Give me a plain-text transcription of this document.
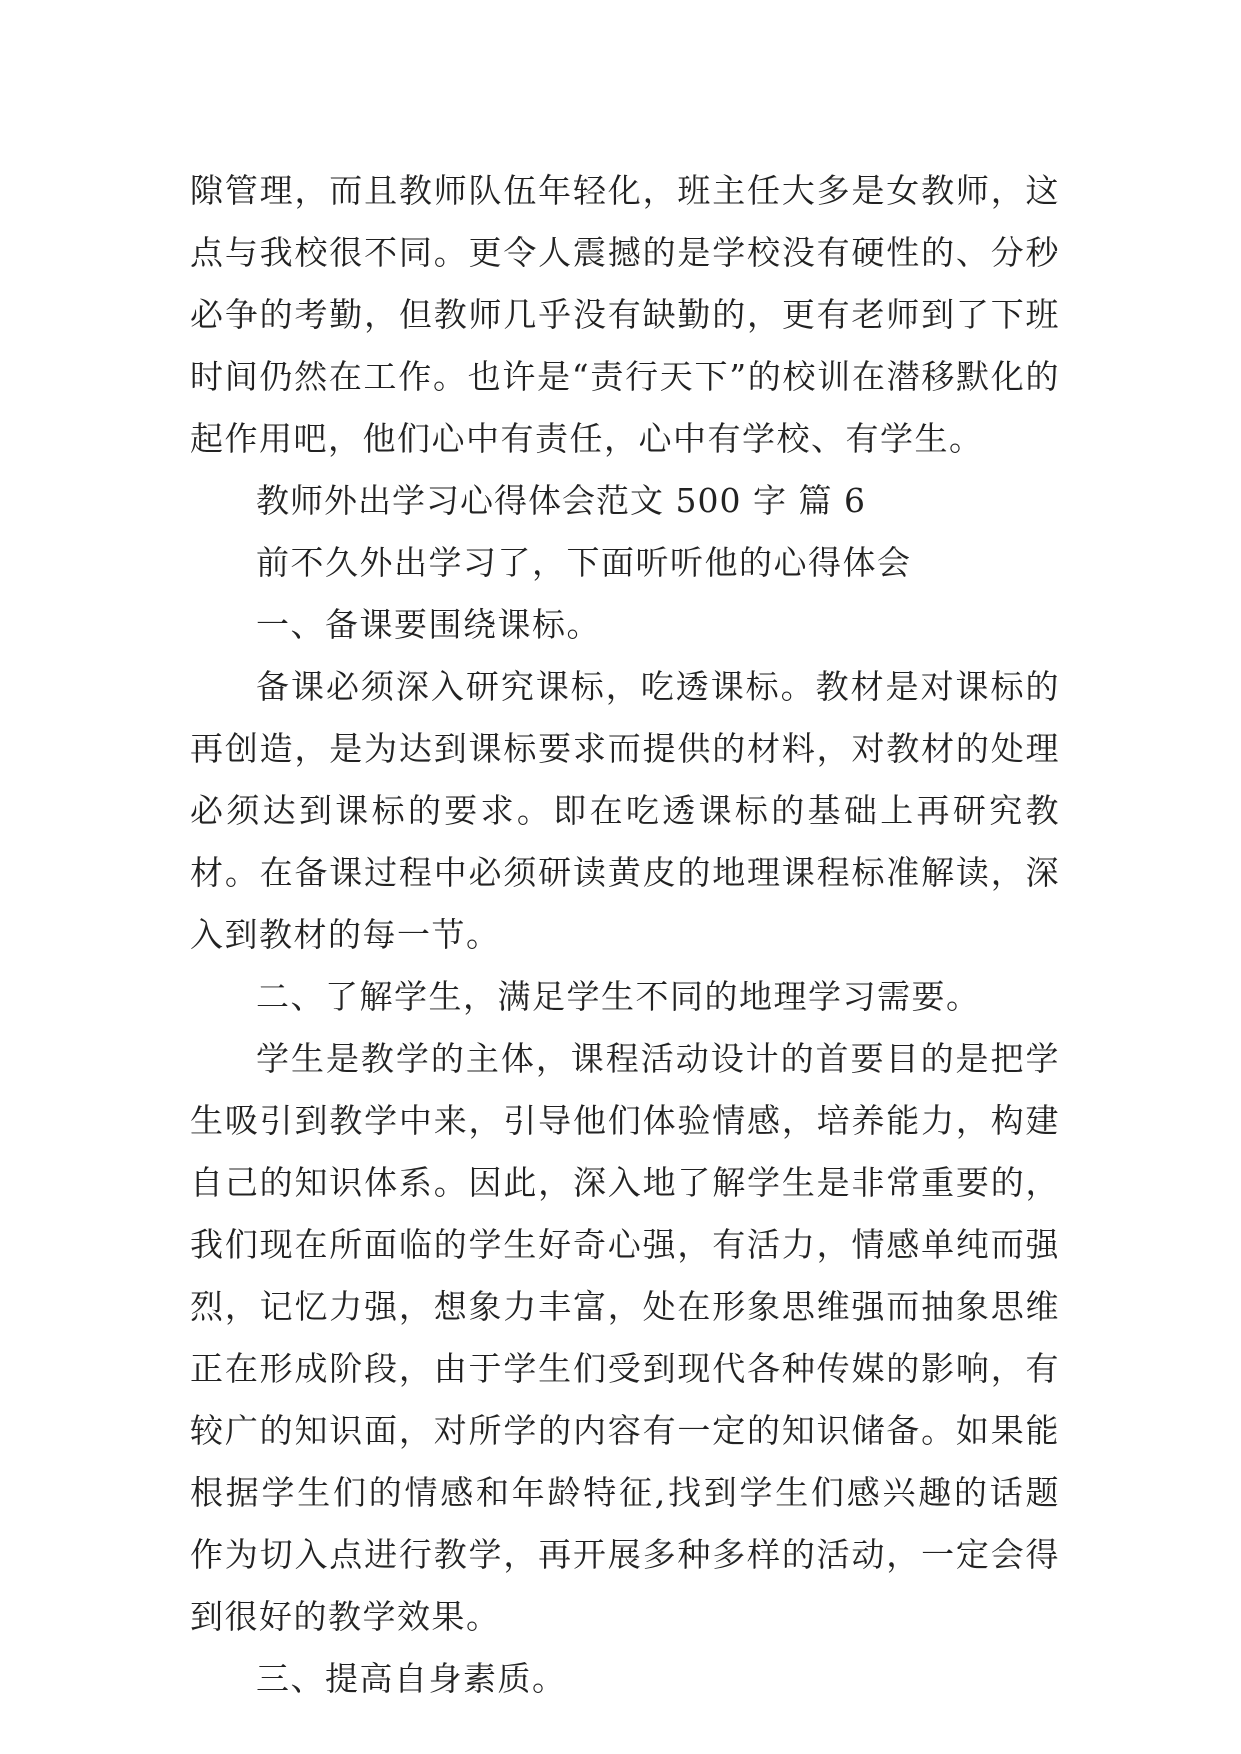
隙管理，而且教师队伍年轻化，班主任大多是女教师，这点与我校很不同。更令人震撼的是学校没有硬性的、分秒必争的考勤，但教师几乎没有缺勤的，更有老师到了下班时间仍然在工作。也许是“责行天下”的校训在潜移默化的起作用吧，他们心中有责任，心中有学校、有学生。

教师外出学习心得体会范文 500 字 篇 6

前不久外出学习了，下面听听他的心得体会

一、备课要围绕课标。

备课必须深入研究课标，吃透课标。教材是对课标的再创造，是为达到课标要求而提供的材料，对教材的处理必须达到课标的要求。即在吃透课标的基础上再研究教材。在备课过程中必须研读黄皮的地理课程标准解读，深入到教材的每一节。

二、了解学生，满足学生不同的地理学习需要。

学生是教学的主体，课程活动设计的首要目的是把学生吸引到教学中来，引导他们体验情感，培养能力，构建自己的知识体系。因此，深入地了解学生是非常重要的，我们现在所面临的学生好奇心强，有活力，情感单纯而强烈，记忆力强，想象力丰富，处在形象思维强而抽象思维正在形成阶段，由于学生们受到现代各种传媒的影响，有较广的知识面，对所学的内容有一定的知识储备。如果能根据学生们的情感和年龄特征,找到学生们感兴趣的话题作为切入点进行教学，再开展多种多样的活动，一定会得到很好的教学效果。

三、提高自身素质。
